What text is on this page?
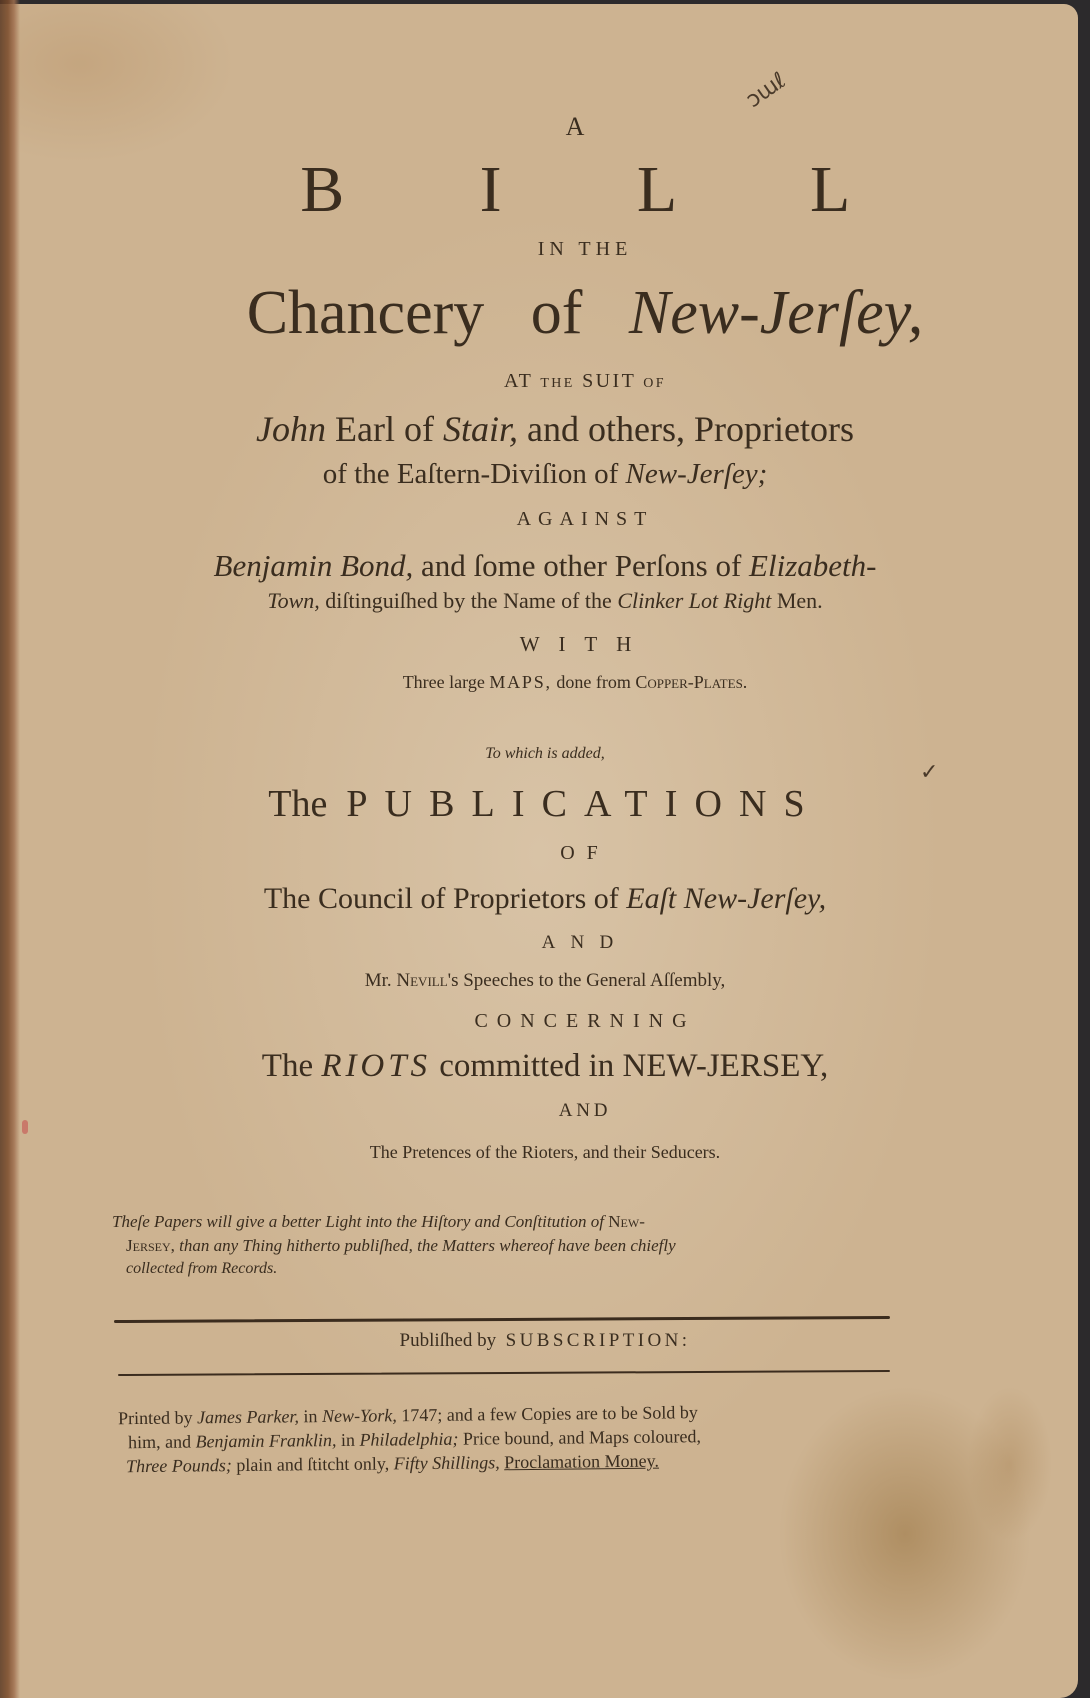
ↄɯℓ
✓
A
B I L L
IN THE
Chancery of New-Jerſey,
AT THE SUIT OF
John Earl of Stair, and others, Proprietors
of the Eaſtern-Diviſion of New-Jerſey;
AGAINST
Benjamin Bond, and ſome other Perſons of Elizabeth-
Town, diſtinguiſhed by the Name of the Clinker Lot Right Men.
WITH
Three large MAPS, done from Copper-Plates.
To which is added,
The PUBLICATIONS
OF
The Council of Proprietors of Eaſt New-Jerſey,
AND
Mr. Nevill's Speeches to the General Aſſembly,
CONCERNING
The RIOTS committed in NEW-JERSEY,
AND
The Pretences of the Rioters, and their Seducers.
Theſe Papers will give a better Light into the Hiſtory and Conſtitution of New-
Jersey, than any Thing hitherto publiſhed, the Matters whereof have been chiefly
collected from Records.
Publiſhed by SUBSCRIPTION:
Printed by James Parker, in New-York, 1747; and a few Copies are to be Sold by
him, and Benjamin Franklin, in Philadelphia; Price bound, and Maps coloured,
Three Pounds; plain and ſtitcht only, Fifty Shillings, Proclamation Money.
